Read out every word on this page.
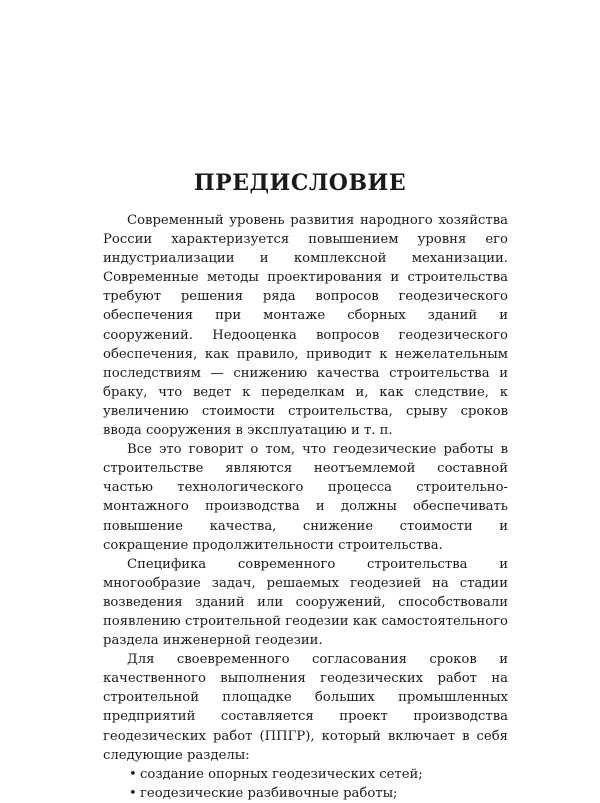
ПРЕДИСЛОВИЕ

Современный уровень развития народного хозяйства России характеризуется повышением уровня его индустриализации и комплексной механизации. Современные методы проектирования и строительства требуют решения ряда вопросов геодезического обеспечения при монтаже сборных зданий и сооружений. Недооценка вопросов геодезического обеспечения, как правило, приводит к нежелательным последствиям — снижению качества строительства и браку, что ведет к переделкам и, как следствие, к увеличению стоимости строительства, срыву сроков ввода сооружения в эксплуатацию и т. п.

Все это говорит о том, что геодезические работы в строительстве являются неотъемлемой составной частью технологического процесса строительно-монтажного производства и должны обеспечивать повышение качества, снижение стоимости и сокращение продолжительности строительства.

Специфика современного строительства и многообразие задач, решаемых геодезией на стадии возведения зданий или сооружений, способствовали появлению строительной геодезии как самостоятельного раздела инженерной геодезии.

Для своевременного согласования сроков и качественного выполнения геодезических работ на строительной площадке больших промышленных предприятий составляется проект производства геодезических работ (ППГР), который включает в себя следующие разделы:

• создание опорных геодезических сетей;
• геодезические разбивочные работы;
